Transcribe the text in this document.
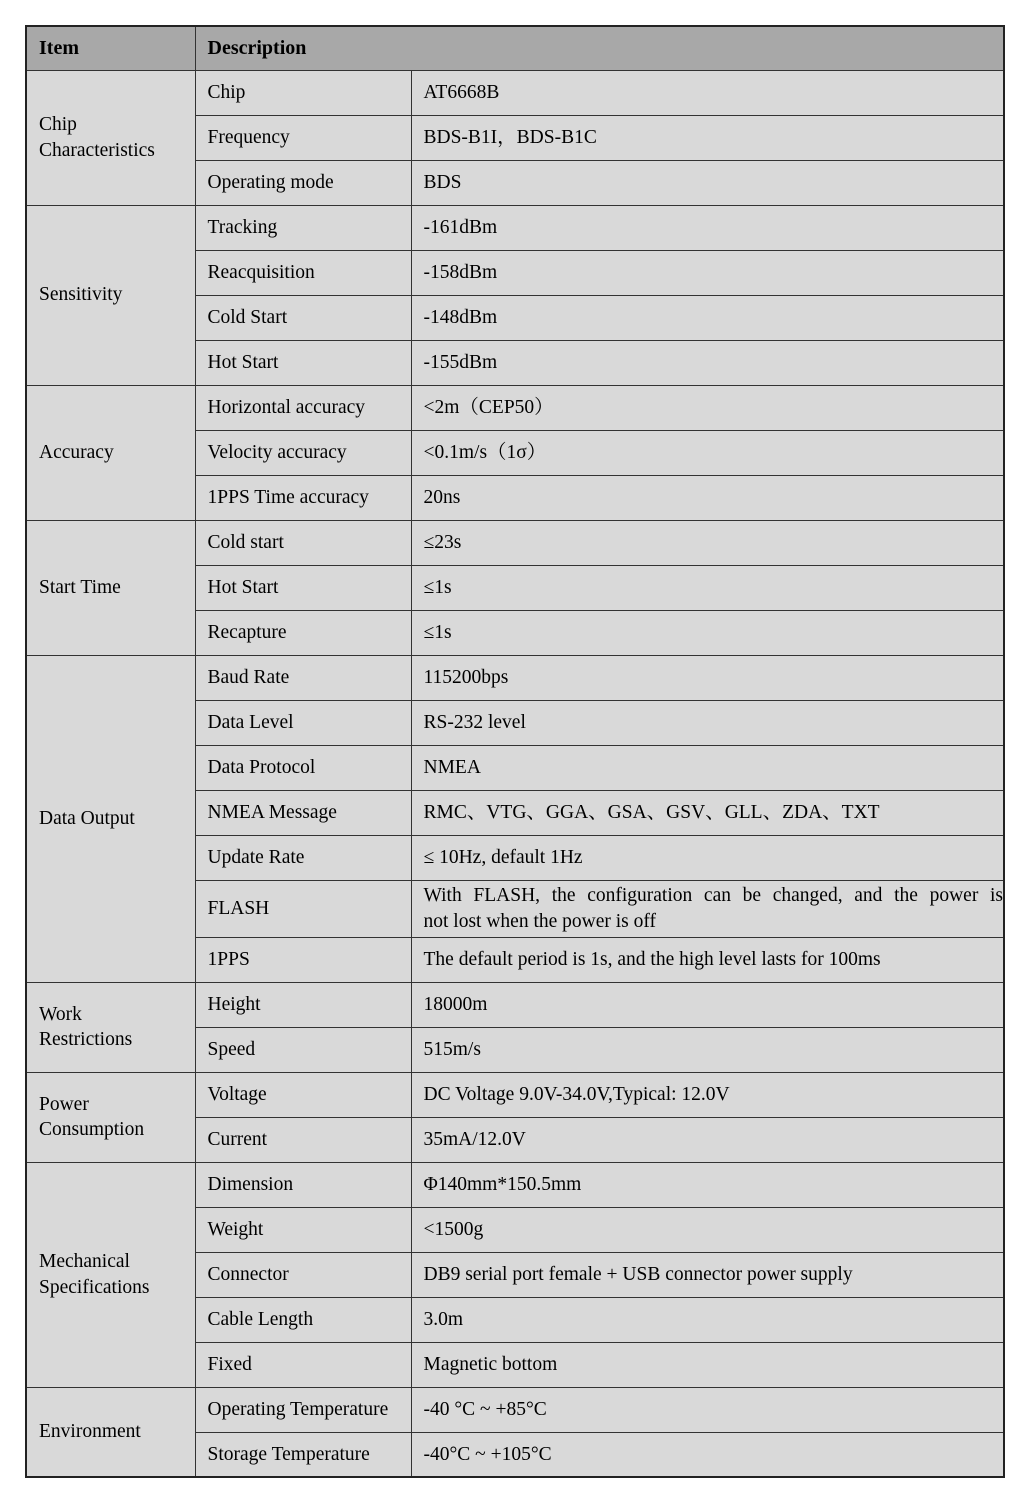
Item	Description	

Chip
Characteristics	Chip	AT6668B
	Frequency	BDS-B1I，BDS-B1C
	Operating mode	BDS

Sensitivity	Tracking	-161dBm
	Reacquisition	-158dBm
	Cold Start	-148dBm
	Hot Start	-155dBm

Accuracy	Horizontal accuracy	<2m（CEP50）
	Velocity accuracy	<0.1m/s（1σ）
	1PPS Time accuracy	20ns

Start Time	Cold start	≤23s
	Hot Start	≤1s
	Recapture	≤1s

Data Output	Baud Rate	115200bps
	Data Level	RS-232 level
	Data Protocol	NMEA
	NMEA Message	RMC、VTG、GGA、GSA、GSV、GLL、ZDA、TXT
	Update Rate	≤ 10Hz, default 1Hz
	FLASH	With FLASH, the configuration can be changed, and the power is
not lost when the power is off

	1PPS	The default period is 1s, and the high level lasts for 100ms

Work
Restrictions	Height	18000m
	Speed	515m/s

Power
Consumption	Voltage	DC Voltage 9.0V-34.0V,Typical: 12.0V
	Current	35mA/12.0V

Mechanical
Specifications	Dimension	Φ140mm*150.5mm
	Weight	<1500g
	Connector	DB9 serial port female + USB connector power supply
	Cable Length	3.0m
	Fixed	Magnetic bottom

Environment	Operating Temperature	-40 °C ~ +85°C
	Storage Temperature	-40°C ~ +105°C
